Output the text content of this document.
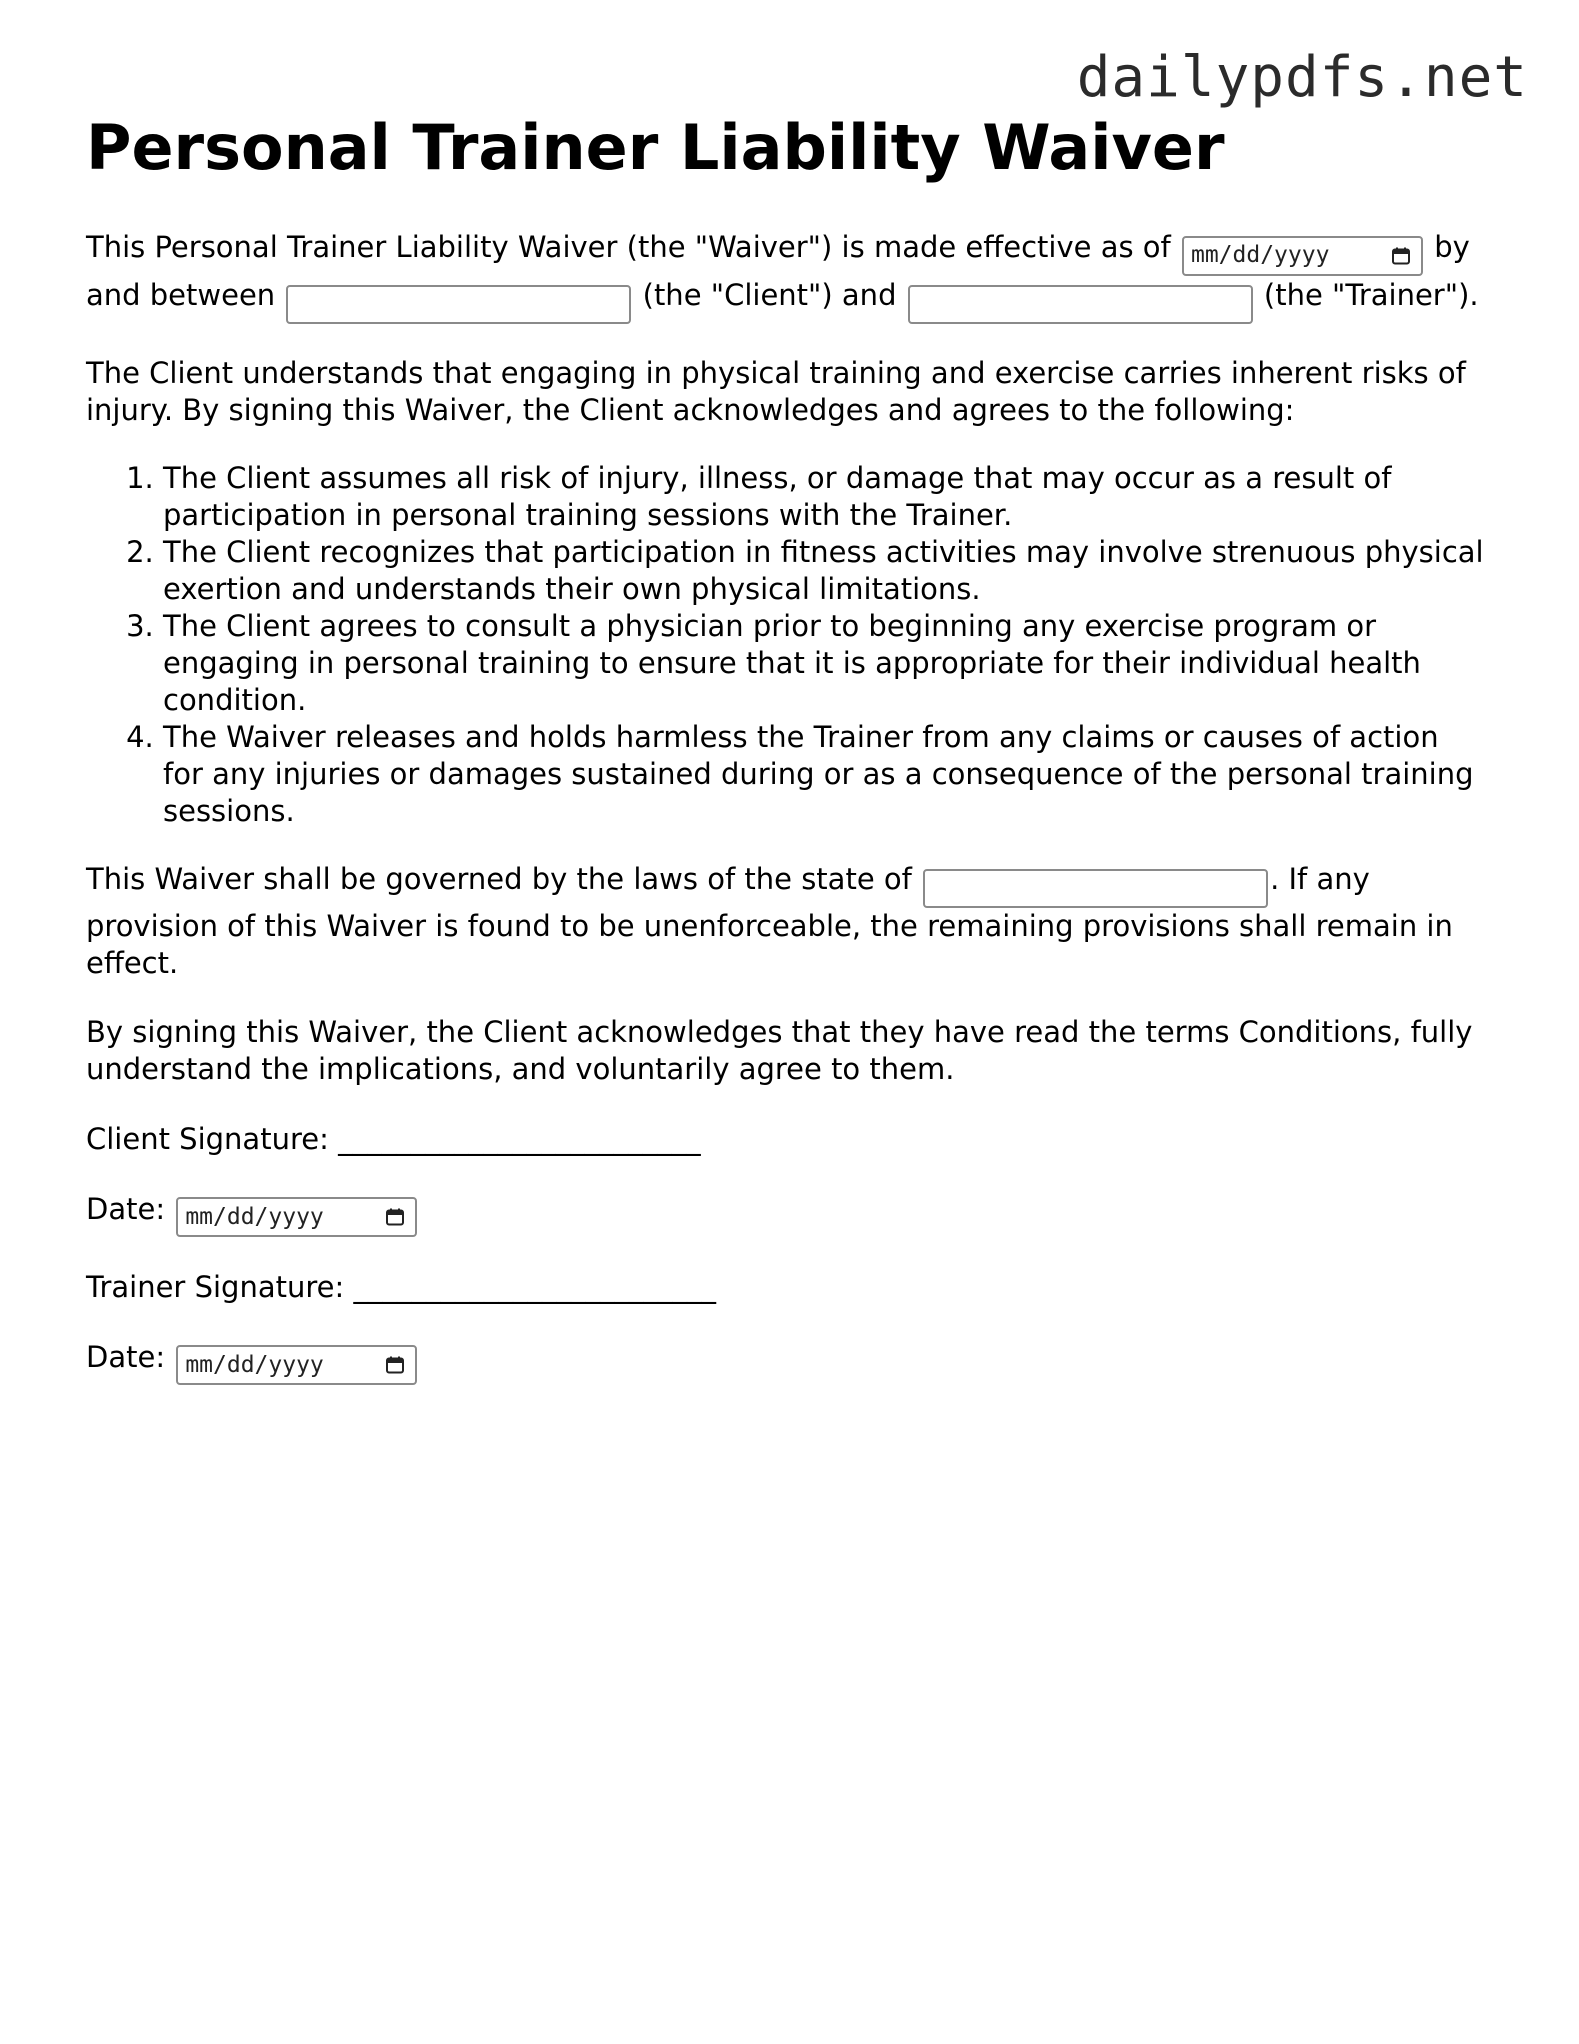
dailypdfs.net
Personal Trainer Liability Waiver

This Personal Trainer Liability Waiver (the "Waiver") is made effective as of mm/dd/yyyy	by and between	(the "Client") and	(the "Trainer").

The Client understands that engaging in physical training and exercise carries inherent risks of injury. By signing this Waiver, the Client acknowledges and agrees to the following:

1. The Client assumes all risk of injury, illness, or damage that may occur as a result of participation in personal training sessions with the Trainer.
2. The Client recognizes that participation in fitness activities may involve strenuous physical exertion and understands their own physical limitations.
3. The Client agrees to consult a physician prior to beginning any exercise program or engaging in personal training to ensure that it is appropriate for their individual health condition.
4. The Waiver releases and holds harmless the Trainer from any claims or causes of action for any injuries or damages sustained during or as a consequence of the personal training sessions.

This Waiver shall be governed by the laws of the state of	. If any provision of this Waiver is found to be unenforceable, the remaining provisions shall remain in effect.

By signing this Waiver, the Client acknowledges that they have read the terms Conditions, fully understand the implications, and voluntarily agree to them.

Client Signature: _________________________

Date: mm/dd/yyyy

Trainer Signature: _________________________

Date: mm/dd/yyyy
